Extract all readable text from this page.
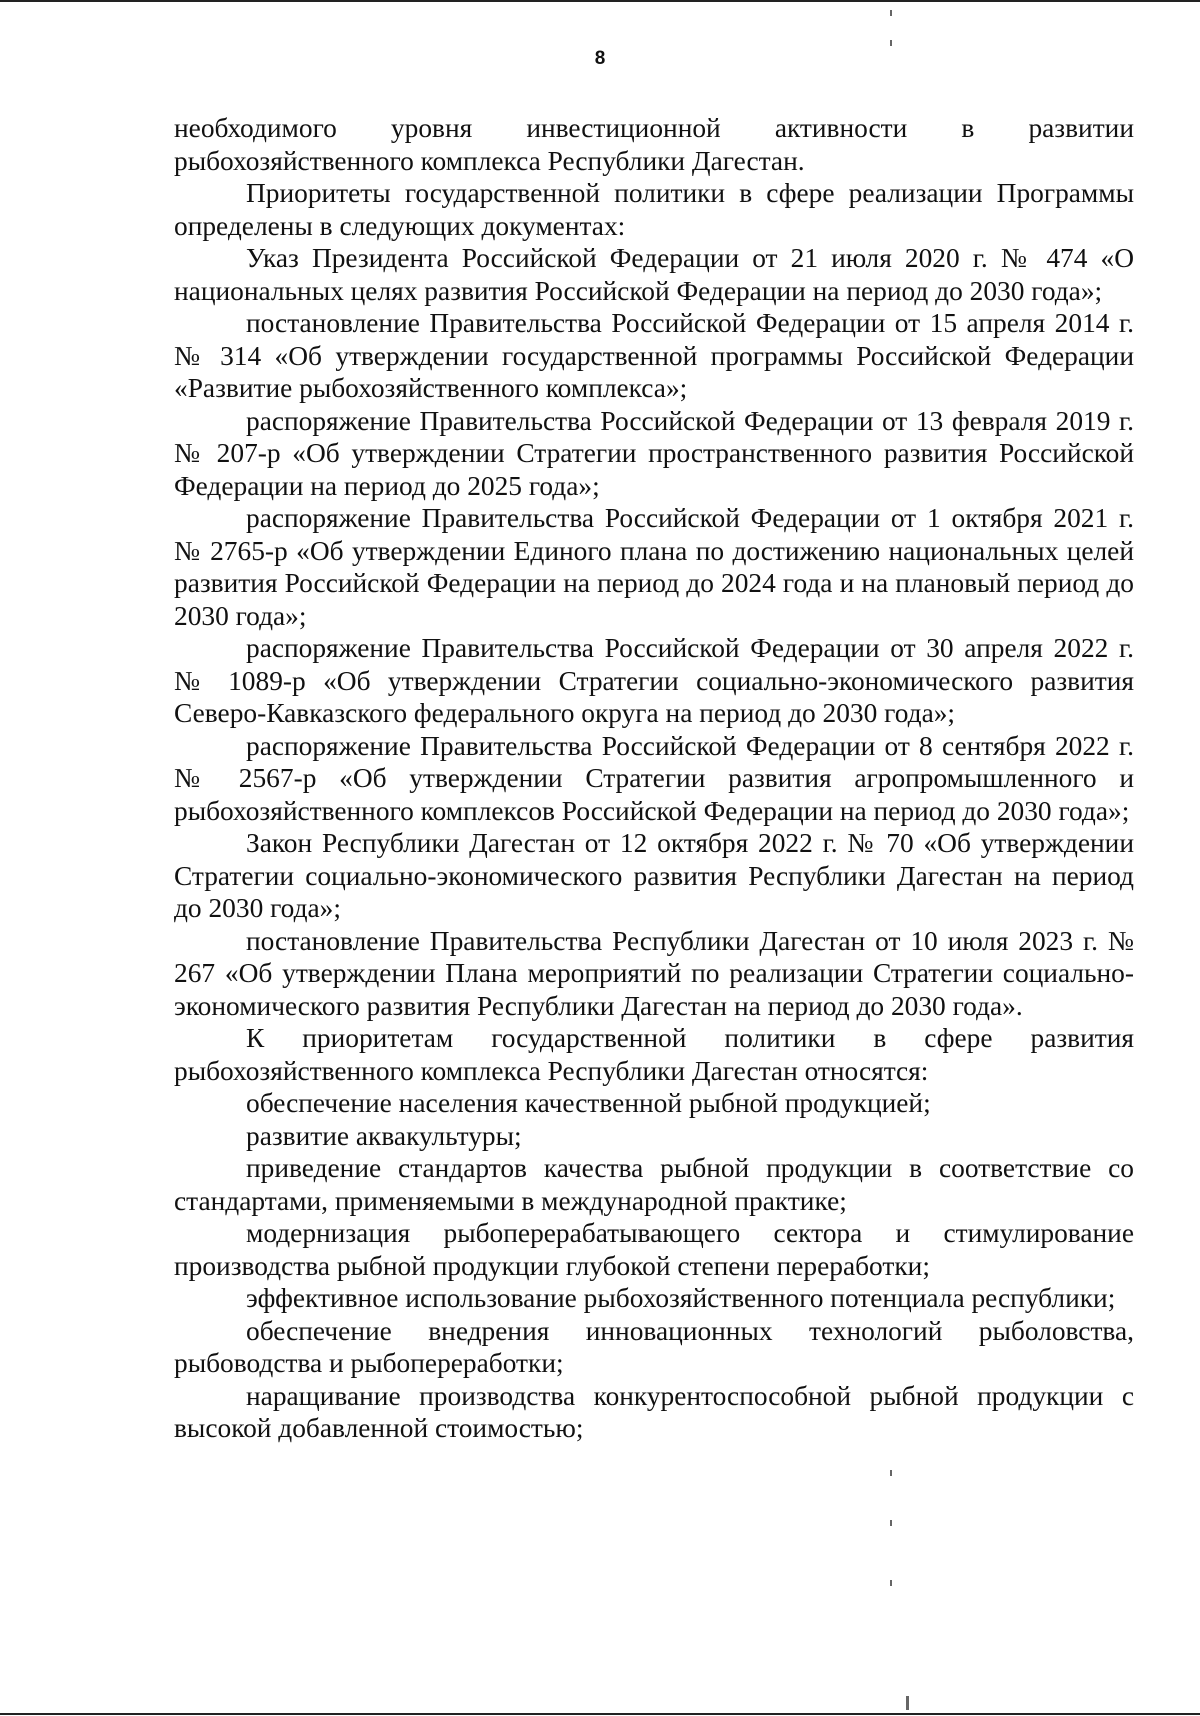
8

необходимого уровня инвестиционной активности в развитии рыбохозяйственного комплекса Республики Дагестан.

Приоритеты государственной политики в сфере реализации Программы определены в следующих документах:

Указ Президента Российской Федерации от 21 июля 2020 г. № 474 «О национальных целях развития Российской Федерации на период до 2030 года»;

постановление Правительства Российской Федерации от 15 апреля 2014 г. № 314 «Об утверждении государственной программы Российской Федерации «Развитие рыбохозяйственного комплекса»;

распоряжение Правительства Российской Федерации от 13 февраля 2019 г. № 207-р «Об утверждении Стратегии пространственного развития Российской Федерации на период до 2025 года»;

распоряжение Правительства Российской Федерации от 1 октября 2021 г. № 2765-р «Об утверждении Единого плана по достижению национальных целей развития Российской Федерации на период до 2024 года и на плановый период до 2030 года»;

распоряжение Правительства Российской Федерации от 30 апреля 2022 г. № 1089-р «Об утверждении Стратегии социально-экономического развития Северо-Кавказского федерального округа на период до 2030 года»;

распоряжение Правительства Российской Федерации от 8 сентября 2022 г. № 2567-р «Об утверждении Стратегии развития агропромышленного и рыбохозяйственного комплексов Российской Федерации на период до 2030 года»;

Закон Республики Дагестан от 12 октября 2022 г. № 70 «Об утверждении Стратегии социально-экономического развития Республики Дагестан на период до 2030 года»;

постановление Правительства Республики Дагестан от 10 июля 2023 г. № 267 «Об утверждении Плана мероприятий по реализации Стратегии социально-экономического развития Республики Дагестан на период до 2030 года».

К приоритетам государственной политики в сфере развития рыбохозяйственного комплекса Республики Дагестан относятся:

обеспечение населения качественной рыбной продукцией;

развитие аквакультуры;

приведение стандартов качества рыбной продукции в соответствие со стандартами, применяемыми в международной практике;

модернизация рыбоперерабатывающего сектора и стимулирование производства рыбной продукции глубокой степени переработки;

эффективное использование рыбохозяйственного потенциала республики;

обеспечение внедрения инновационных технологий рыболовства, рыбоводства и рыбопереработки;

наращивание производства конкурентоспособной рыбной продукции с высокой добавленной стоимостью;
